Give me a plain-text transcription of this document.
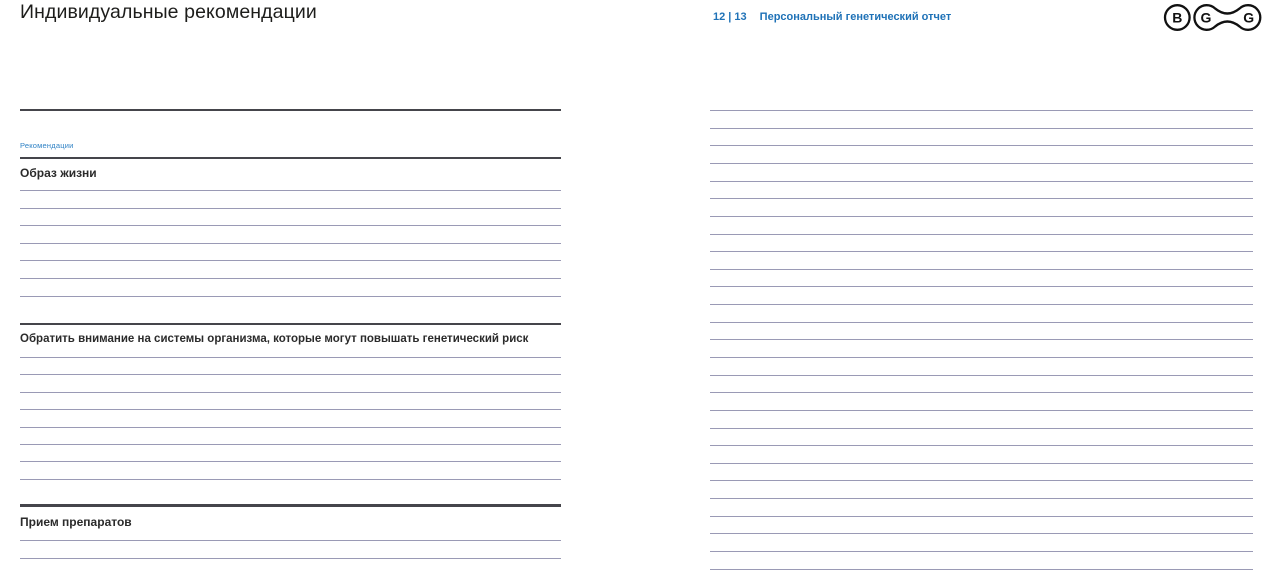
Индивидуальные рекомендации	12 | 13 Персональный генетический отчет	B G G
Рекомендации
Образ жизни
Обратить внимание на системы организма, которые могут повышать генетический риск
Прием препаратов
